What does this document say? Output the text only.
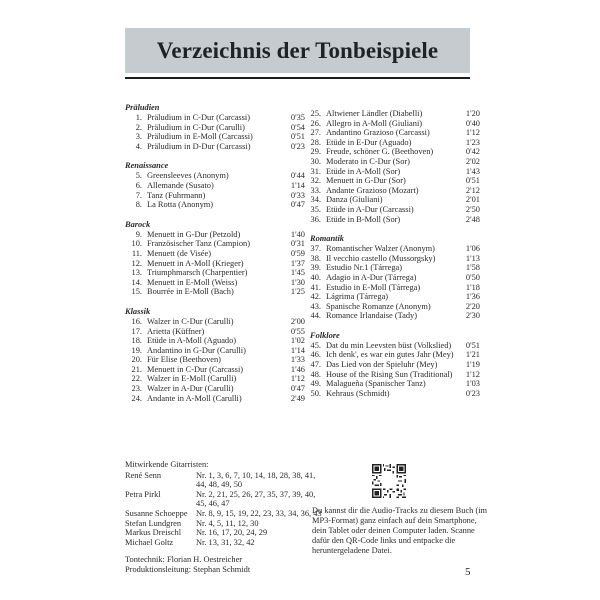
Verzeichnis der Tonbeispiele
Präludien
1. Präludium in C-Dur (Carcassi)	0'35
2. Präludium in C-Dur (Carulli)	0'54
3. Präludium in E-Moll (Carcassi)	0'51
4. Präludium in D-Dur (Carcassi)	0'23
Renaissance
5. Greensleeves (Anonym)	0'44
6. Allemande (Susato)	1'14
7. Tanz (Fuhrmann)	0'33
8. La Rotta (Anonym)	0'47
Barock
9. Menuett in G-Dur (Petzold)	1'40
10. Französischer Tanz (Campion)	0'31
11. Menuett (de Visée)	0'59
12. Menuett in A-Moll (Krieger)	1'37
13. Triumphmarsch (Charpentier)	1'45
14. Menuett in E-Moll (Weiss)	1'30
15. Bourrée in E-Moll (Bach)	1'25
Klassik
16. Walzer in C-Dur (Carulli)	2'00
17. Arietta (Küffner)	0'55
18. Etüde in A-Moll (Aguado)	1'02
19. Andantino in G-Dur (Carulli)	1'14
20. Für Elise (Beethoven)	1'33
21. Menuett in C-Dur (Carcassi)	1'46
22. Walzer in E-Moll (Carulli)	1'12
23. Walzer in A-Dur (Carulli)	0'47
24. Andante in A-Moll (Carulli)	2'49
25. Altwiener Ländler (Diabelli)	1'20
26. Allegro in A-Moll (Giuliani)	0'40
27. Andantino Grazioso (Carcassi)	1'12
28. Etüde in E-Dur (Aguado)	1'23
29. Freude, schöner G. (Beethoven)	0'42
30. Moderato in C-Dur (Sor)	2'02
31. Etüde in A-Moll (Sor)	1'43
32. Menuett in G-Dur (Sor)	0'51
33. Andante Grazioso (Mozart)	2'12
34. Danza (Giuliani)	2'01
35. Etüde in A-Dur (Carcassi)	2'50
36. Etüde in B-Moll (Sor)	2'48
Romantik
37. Romantischer Walzer (Anonym)	1'06
38. Il vecchio castello (Mussorgsky)	1'13
39. Estudio Nr.1 (Tárrega)	1'58
40. Adagio in A-Dur (Tárrega)	0'50
41. Estudio in E-Moll (Tárrega)	1'18
42. Lágrima (Tárrega)	1'36
43. Spanische Romanze (Anonym)	2'20
44. Romance Irlandaise (Tady)	2'30
Folklore
45. Dat du min Leevsten büst (Volkslied)	0'51
46. Ich denk', es war ein gutes Jahr (Mey)	1'21
47. Das Lied von der Spieluhr (Mey)	1'19
48. House of the Rising Sun (Traditional)	1'12
49. Malagueña (Spanischer Tanz)	1'03
50. Kehraus (Schmidt)	0'23
Mitwirkende Gitarristen:
René Senn	Nr. 1, 3, 6, 7, 10, 14, 18, 28, 38, 41, 44, 48, 49, 50
Petra Pirkl	Nr. 2, 21, 25, 26, 27, 35, 37, 39, 40, 45, 46, 47
Susanne Schoeppe	Nr. 8, 9, 15, 19, 22, 23, 33, 34, 36, 43
Stefan Lundgren	Nr. 4, 5, 11, 12, 30
Markus Dreischl	Nr. 16, 17, 20, 24, 29
Michael Goltz	Nr. 13, 31, 32, 42
Tontechnik: Florian H. Oestreicher
Produktionsleitung: Stephan Schmidt
Du kannst dir die Audio-Tracks zu diesem Buch (im MP3-Format) ganz einfach auf dein Smartphone, dein Tablet oder deinen Computer laden. Scanne dafür den QR-Code links und entpacke die heruntergeladene Datei.
5
